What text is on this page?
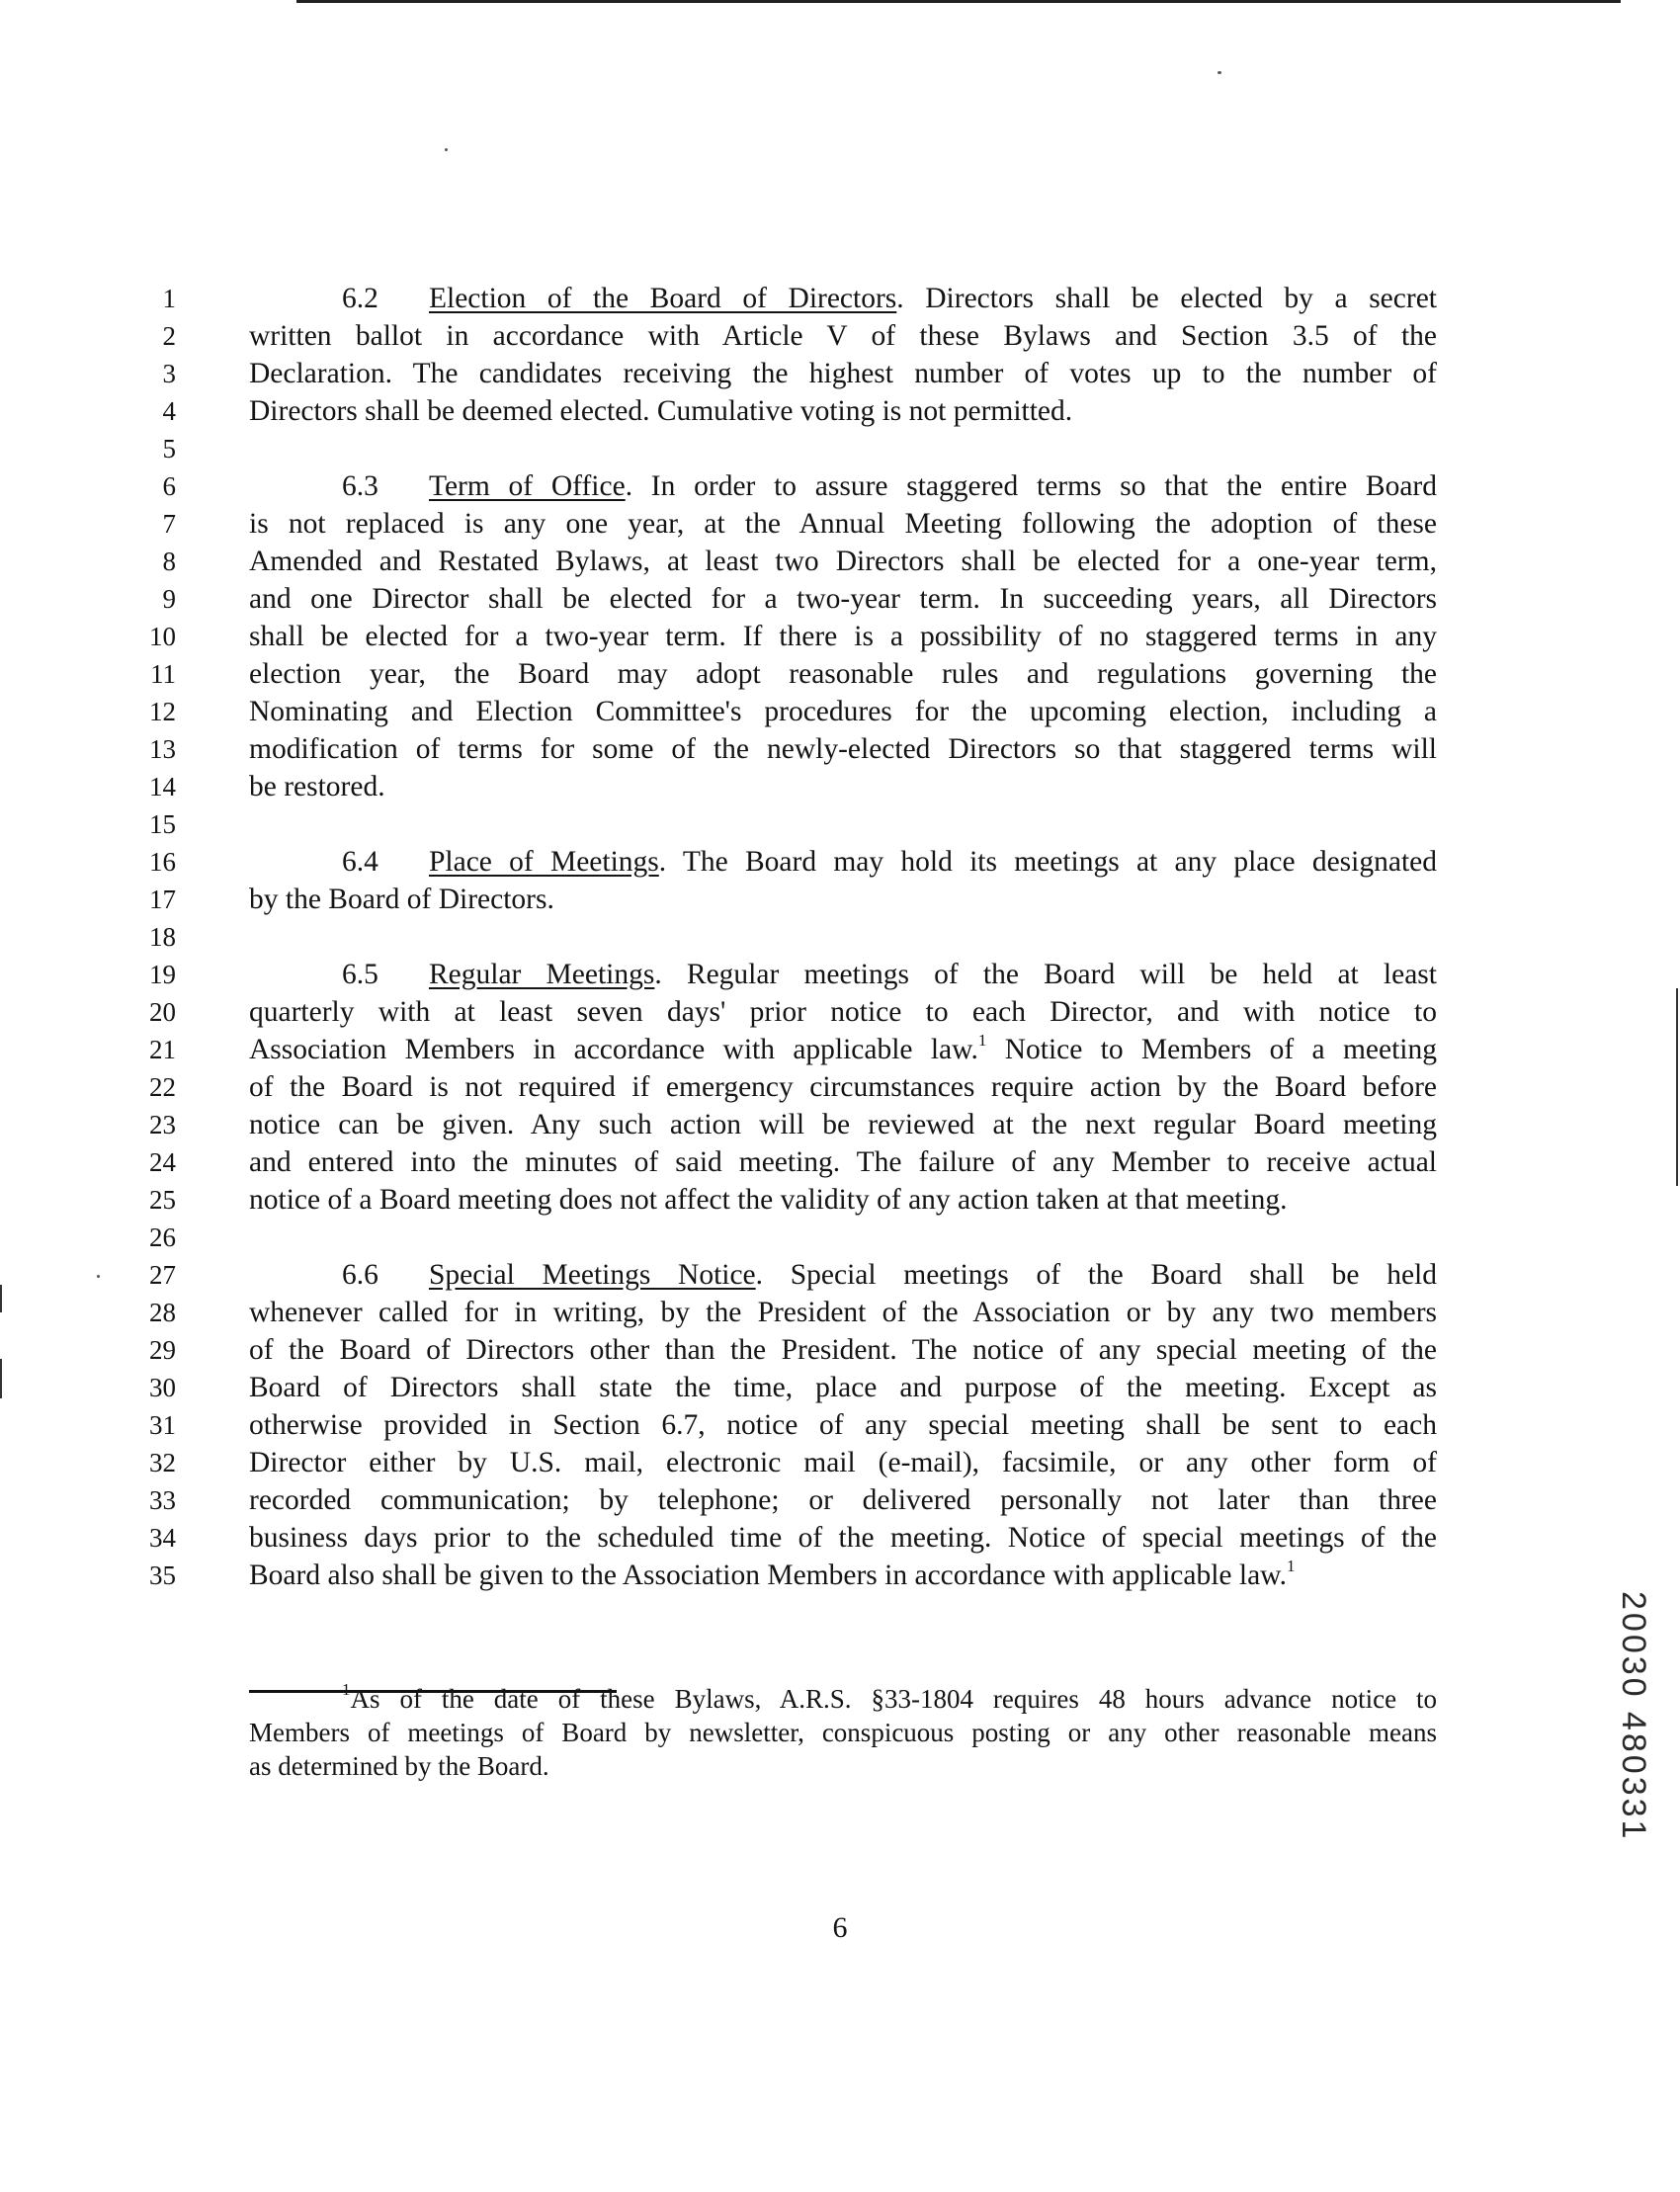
1
2
3
4
5
6
7
8
9
10
11
12
13
14
15
16
17
18
19
20
21
22
23
24
25
26
27
28
29
30
31
32
33
34
35
6.2 Election of the Board of Directors. Directors shall be elected by a secret
written ballot in accordance with Article V of these Bylaws and Section 3.5 of the
Declaration. The candidates receiving the highest number of votes up to the number of
Directors shall be deemed elected. Cumulative voting is not permitted.
6.3 Term of Office. In order to assure staggered terms so that the entire Board
is not replaced is any one year, at the Annual Meeting following the adoption of these
Amended and Restated Bylaws, at least two Directors shall be elected for a one-year term,
and one Director shall be elected for a two-year term. In succeeding years, all Directors
shall be elected for a two-year term. If there is a possibility of no staggered terms in any
election year, the Board may adopt reasonable rules and regulations governing the
Nominating and Election Committee's procedures for the upcoming election, including a
modification of terms for some of the newly-elected Directors so that staggered terms will
be restored.
6.4 Place of Meetings. The Board may hold its meetings at any place designated
by the Board of Directors.
6.5 Regular Meetings. Regular meetings of the Board will be held at least
quarterly with at least seven days' prior notice to each Director, and with notice to
Association Members in accordance with applicable law.$^1$ Notice to Members of a meeting
of the Board is not required if emergency circumstances require action by the Board before
notice can be given. Any such action will be reviewed at the next regular Board meeting
and entered into the minutes of said meeting. The failure of any Member to receive actual
notice of a Board meeting does not affect the validity of any action taken at that meeting.
6.6 Special Meetings Notice. Special meetings of the Board shall be held
whenever called for in writing, by the President of the Association or by any two members
of the Board of Directors other than the President. The notice of any special meeting of the
Board of Directors shall state the time, place and purpose of the meeting. Except as
otherwise provided in Section 6.7, notice of any special meeting shall be sent to each
Director either by U.S. mail, electronic mail (e-mail), facsimile, or any other form of
recorded communication; by telephone; or delivered personally not later than three
business days prior to the scheduled time of the meeting. Notice of special meetings of the
Board also shall be given to the Association Members in accordance with applicable law.$^1$
$^1$As of the date of these Bylaws, A.R.S. §33-1804 requires 48 hours advance notice to
Members of meetings of Board by newsletter, conspicuous posting or any other reasonable means
as determined by the Board.
6
20030 480331
